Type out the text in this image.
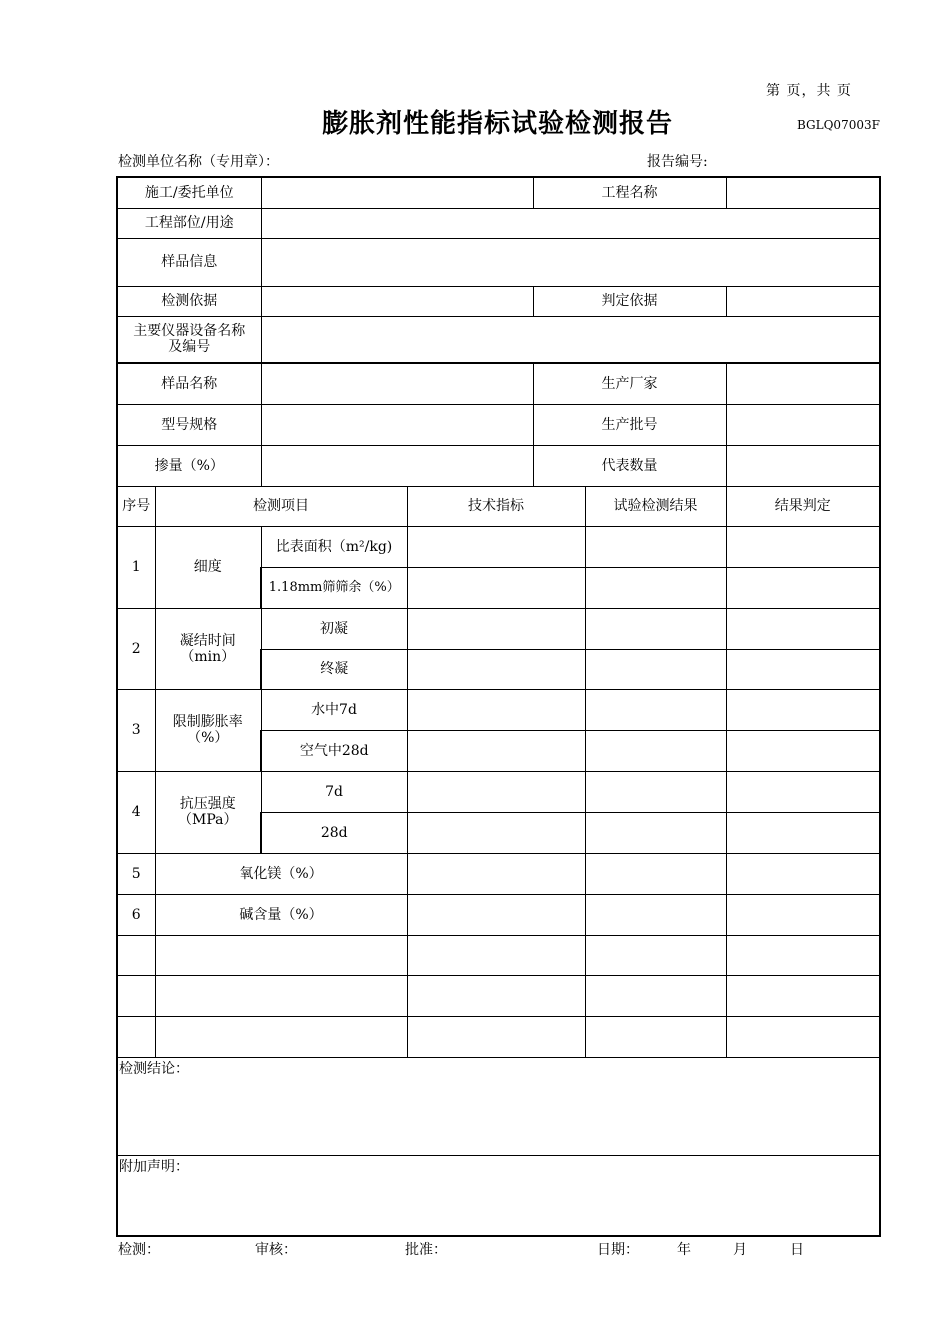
第 页，共 页
膨胀剂性能指标试验检测报告	BGLQ07003F
检测单位名称（专用章）：	报告编号:
施工/委托单位				工程名称		
工程部位/用途						
样品信息						
检测依据				判定依据		
主要仪器设备名称及编号						
样品名称				生产厂家		
型号规格				生产批号		
掺量（%）				代表数量		
序号	检测项目		技术指标		试验检测结果	结果判定
1	细度	比表面积（m²/kg)				
		1.18mm筛筛余（%）				
2	凝结时间（min）	初凝				
		终凝				
3	限制膨胀率（%）	水中7d				
		空气中28d				
4	抗压强度（MPa）	7d				
		28d				
5	氧化镁（%）					
6	碱含量（%）					

检测结论：						
附加声明：						
检测：	审核：	批准：	日期：	年	月	日
